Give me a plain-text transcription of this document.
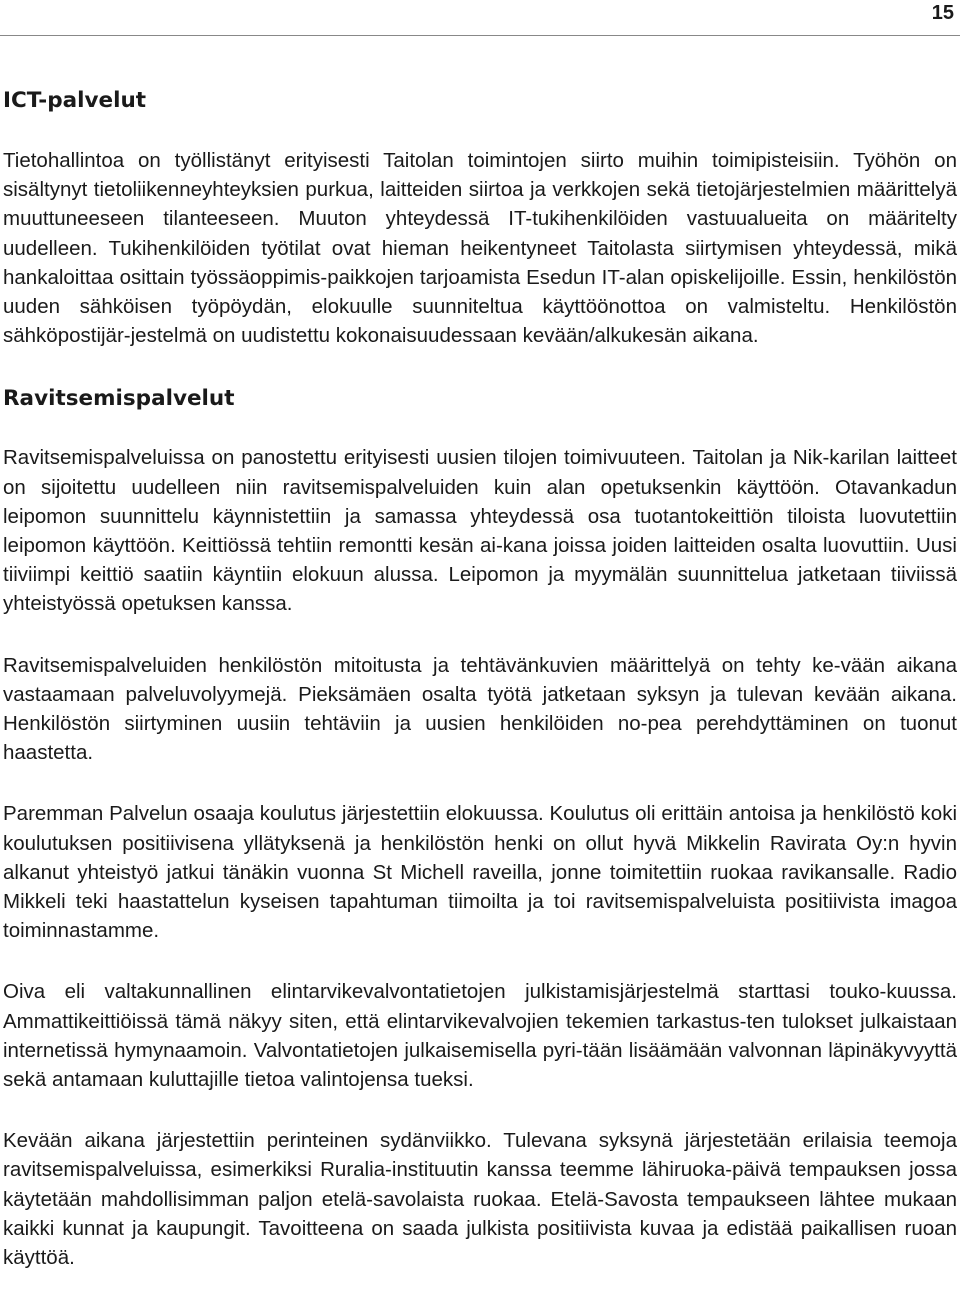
15
ICT-palvelut

Tietohallintoa on työllistänyt erityisesti Taitolan toimintojen siirto muihin toimipisteisiin. Työhön on sisältynyt tietoliikenneyhteyksien purkua, laitteiden siirtoa ja verkkojen sekä tietojärjestelmien määrittelyä muuttuneeseen tilanteeseen. Muuton yhteydessä IT-tukihenkilöiden vastuualueita on määritelty uudelleen. Tukihenkilöiden työtilat ovat hieman heikentyneet Taitolasta siirtymisen yhteydessä, mikä hankaloittaa osittain työssäoppimis-paikkojen tarjoamista Esedun IT-alan opiskelijoille. Essin, henkilöstön uuden sähköisen työpöydän, elokuulle suunniteltua käyttöönottoa on valmisteltu. Henkilöstön sähköpostijär-jestelmä on uudistettu kokonaisuudessaan kevään/alkukesän aikana.

Ravitsemispalvelut

Ravitsemispalveluissa on panostettu erityisesti uusien tilojen toimivuuteen. Taitolan ja Nik-karilan laitteet on sijoitettu uudelleen niin ravitsemispalveluiden kuin alan opetuksenkin käyttöön. Otavankadun leipomon suunnittelu käynnistettiin ja samassa yhteydessä osa tuotantokeittiön tiloista luovutettiin leipomon käyttöön. Keittiössä tehtiin remontti kesän ai-kana joissa joiden laitteiden osalta luovuttiin. Uusi tiiviimpi keittiö saatiin käyntiin elokuun alussa. Leipomon ja myymälän suunnittelua jatketaan tiiviissä yhteistyössä opetuksen kanssa.

Ravitsemispalveluiden henkilöstön mitoitusta ja tehtävänkuvien määrittelyä on tehty ke-vään aikana vastaamaan palveluvolyymejä. Pieksämäen osalta työtä jatketaan syksyn ja tulevan kevään aikana. Henkilöstön siirtyminen uusiin tehtäviin ja uusien henkilöiden no-pea perehdyttäminen on tuonut haastetta.

Paremman Palvelun osaaja koulutus järjestettiin elokuussa. Koulutus oli erittäin antoisa ja henkilöstö koki koulutuksen positiivisena yllätyksenä ja henkilöstön henki on ollut hyvä Mikkelin Ravirata Oy:n hyvin alkanut yhteistyö jatkui tänäkin vuonna St Michell raveilla, jonne toimitettiin ruokaa ravikansalle. Radio Mikkeli teki haastattelun kyseisen tapahtuman tiimoilta ja toi ravitsemispalveluista positiivista imagoa toiminnastamme.

Oiva eli valtakunnallinen elintarvikevalvontatietojen julkistamisjärjestelmä starttasi touko-kuussa. Ammattikeittiöissä tämä näkyy siten, että elintarvikevalvojien tekemien tarkastus-ten tulokset julkaistaan internetissä hymynaamoin. Valvontatietojen julkaisemisella pyri-tään lisäämään valvonnan läpinäkyvyyttä sekä antamaan kuluttajille tietoa valintojensa tueksi.

Kevään aikana järjestettiin perinteinen sydänviikko. Tulevana syksynä järjestetään erilaisia teemoja ravitsemispalveluissa, esimerkiksi Ruralia-instituutin kanssa teemme lähiruoka-päivä tempauksen jossa käytetään mahdollisimman paljon etelä-savolaista ruokaa. Etelä-Savosta tempaukseen lähtee mukaan kaikki kunnat ja kaupungit. Tavoitteena on saada julkista positiivista kuvaa ja edistää paikallisen ruoan käyttöä.
